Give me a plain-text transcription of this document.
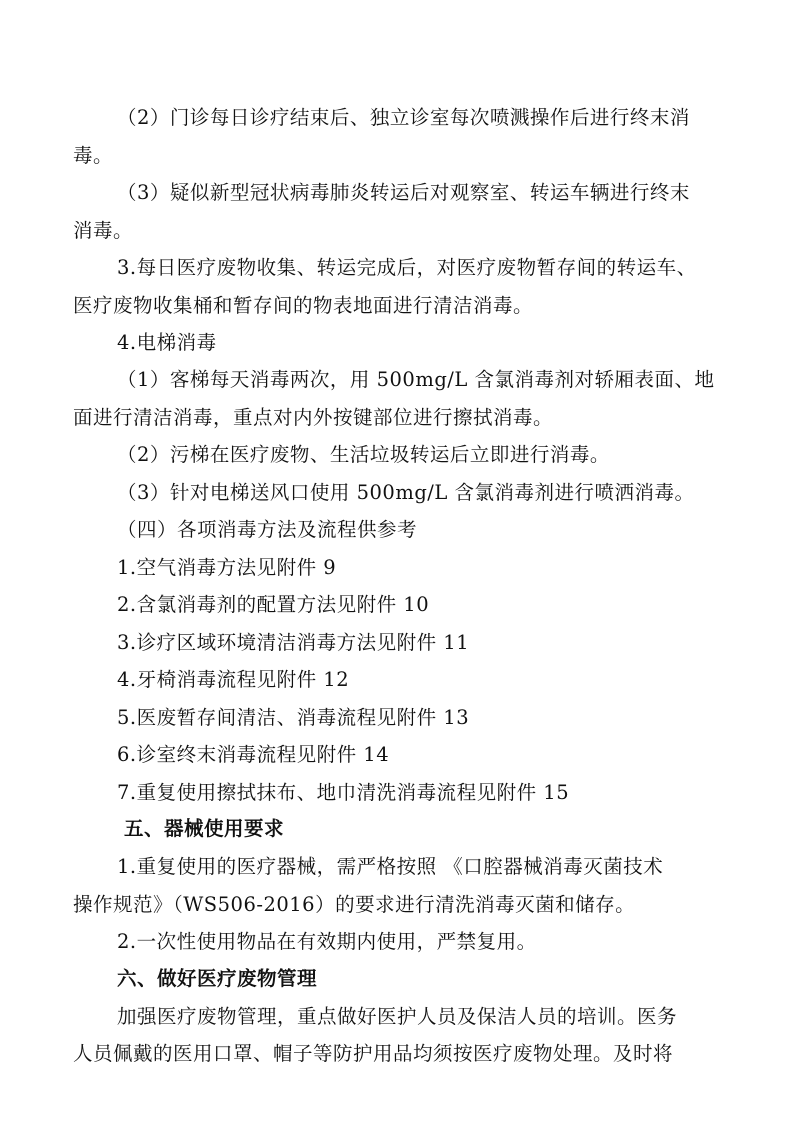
（2）门诊每日诊疗结束后、独立诊室每次喷溅操作后进行终末消
毒。
（3）疑似新型冠状病毒肺炎转运后对观察室、转运车辆进行终末
消毒。
3.每日医疗废物收集、转运完成后，对医疗废物暂存间的转运车、
医疗废物收集桶和暂存间的物表地面进行清洁消毒。
4.电梯消毒
（1）客梯每天消毒两次，用 500mg/L 含氯消毒剂对轿厢表面、地
面进行清洁消毒，重点对内外按键部位进行擦拭消毒。
（2）污梯在医疗废物、生活垃圾转运后立即进行消毒。
（3）针对电梯送风口使用 500mg/L 含氯消毒剂进行喷洒消毒。
（四）各项消毒方法及流程供参考
1.空气消毒方法见附件 9
2.含氯消毒剂的配置方法见附件 10
3.诊疗区域环境清洁消毒方法见附件 11
4.牙椅消毒流程见附件 12
5.医废暂存间清洁、消毒流程见附件 13
6.诊室终末消毒流程见附件 14
7.重复使用擦拭抹布、地巾清洗消毒流程见附件 15
五、器械使用要求
1.重复使用的医疗器械，需严格按照 《口腔器械消毒灭菌技术
操作规范》（WS506-2016）的要求进行清洗消毒灭菌和储存。
2.一次性使用物品在有效期内使用，严禁复用。
六、做好医疗废物管理
加强医疗废物管理，重点做好医护人员及保洁人员的培训。医务
人员佩戴的医用口罩、帽子等防护用品均须按医疗废物处理。及时将
